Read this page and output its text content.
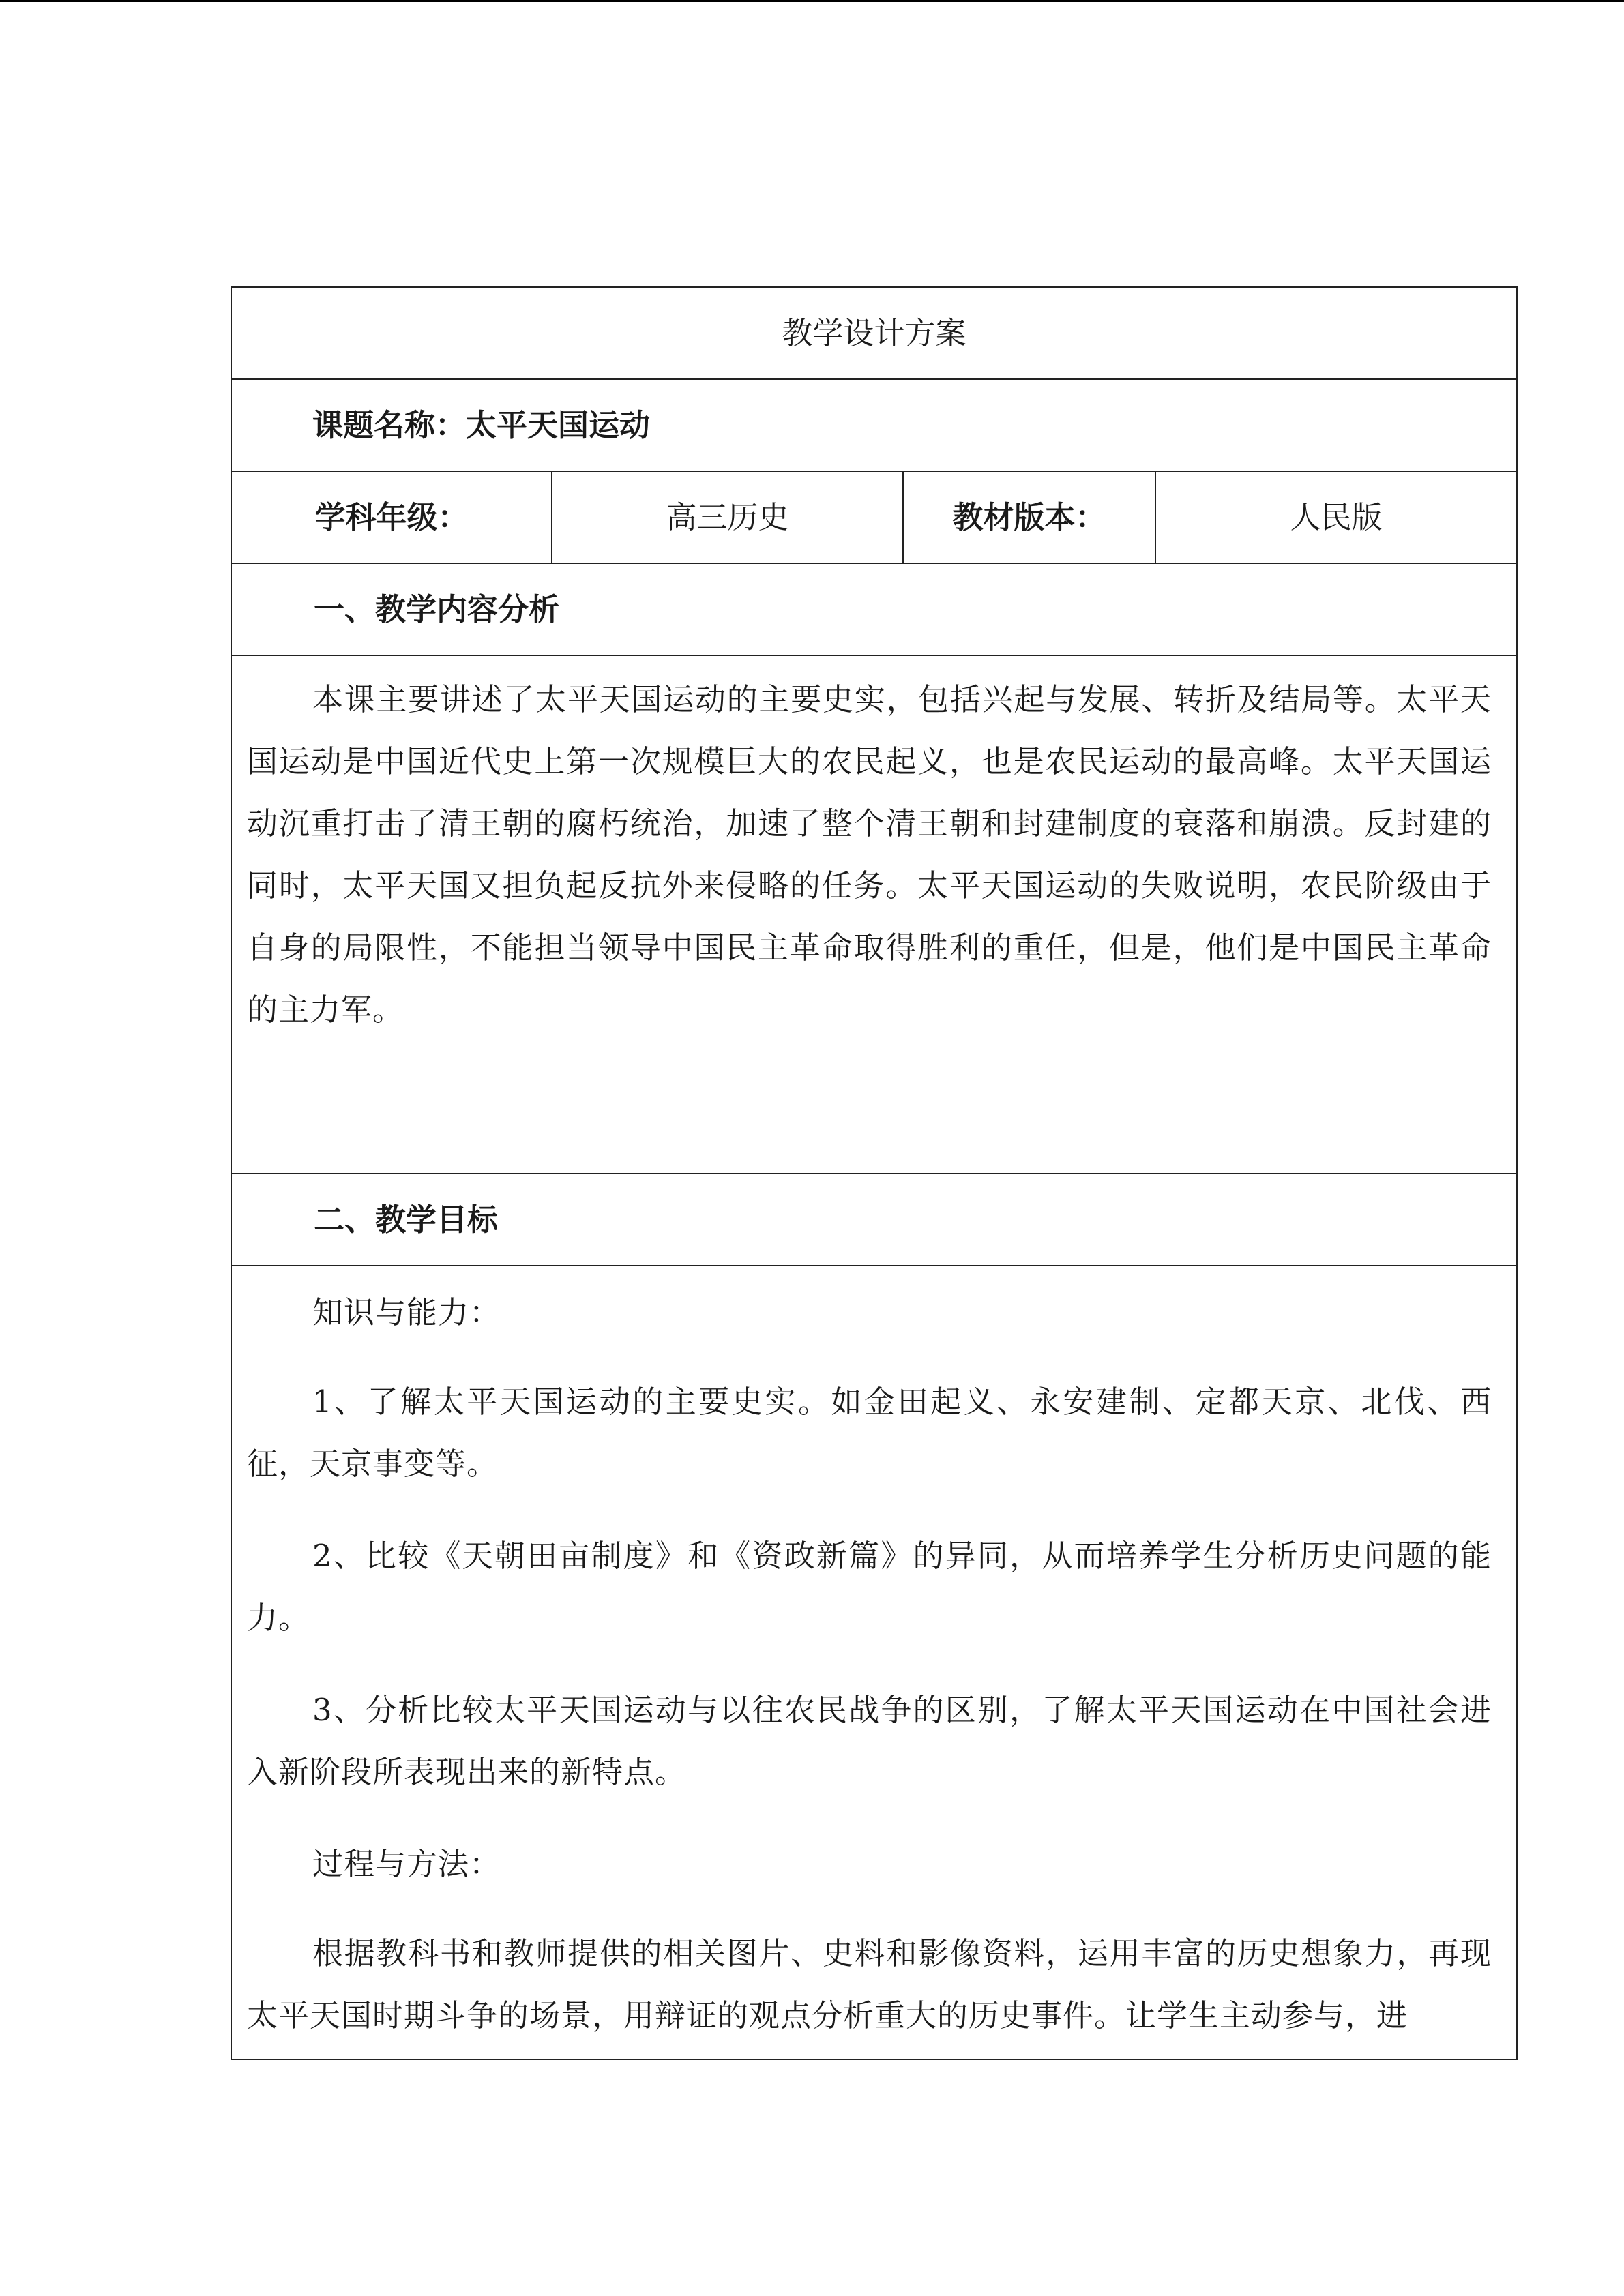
教学设计方案
课题名称：太平天国运动
学科年级：	高三历史	教材版本：	人民版
一、教学内容分析

本课主要讲述了太平天国运动的主要史实，包括兴起与发展、转折及结局等。太平天国运动是中国近代史上第一次规模巨大的农民起义，也是农民运动的最高峰。太平天国运动沉重打击了清王朝的腐朽统治，加速了整个清王朝和封建制度的衰落和崩溃。反封建的同时，太平天国又担负起反抗外来侵略的任务。太平天国运动的失败说明，农民阶级由于自身的局限性，不能担当领导中国民主革命取得胜利的重任，但是，他们是中国民主革命的主力军。

二、教学目标

知识与能力：

1、了解太平天国运动的主要史实。如金田起义、永安建制、定都天京、北伐、西征，天京事变等。

2、比较《天朝田亩制度》和《资政新篇》的异同，从而培养学生分析历史问题的能力。

3、分析比较太平天国运动与以往农民战争的区别，了解太平天国运动在中国社会进入新阶段所表现出来的新特点。

过程与方法：

根据教科书和教师提供的相关图片、史料和影像资料，运用丰富的历史想象力，再现太平天国时期斗争的场景，用辩证的观点分析重大的历史事件。让学生主动参与，进
